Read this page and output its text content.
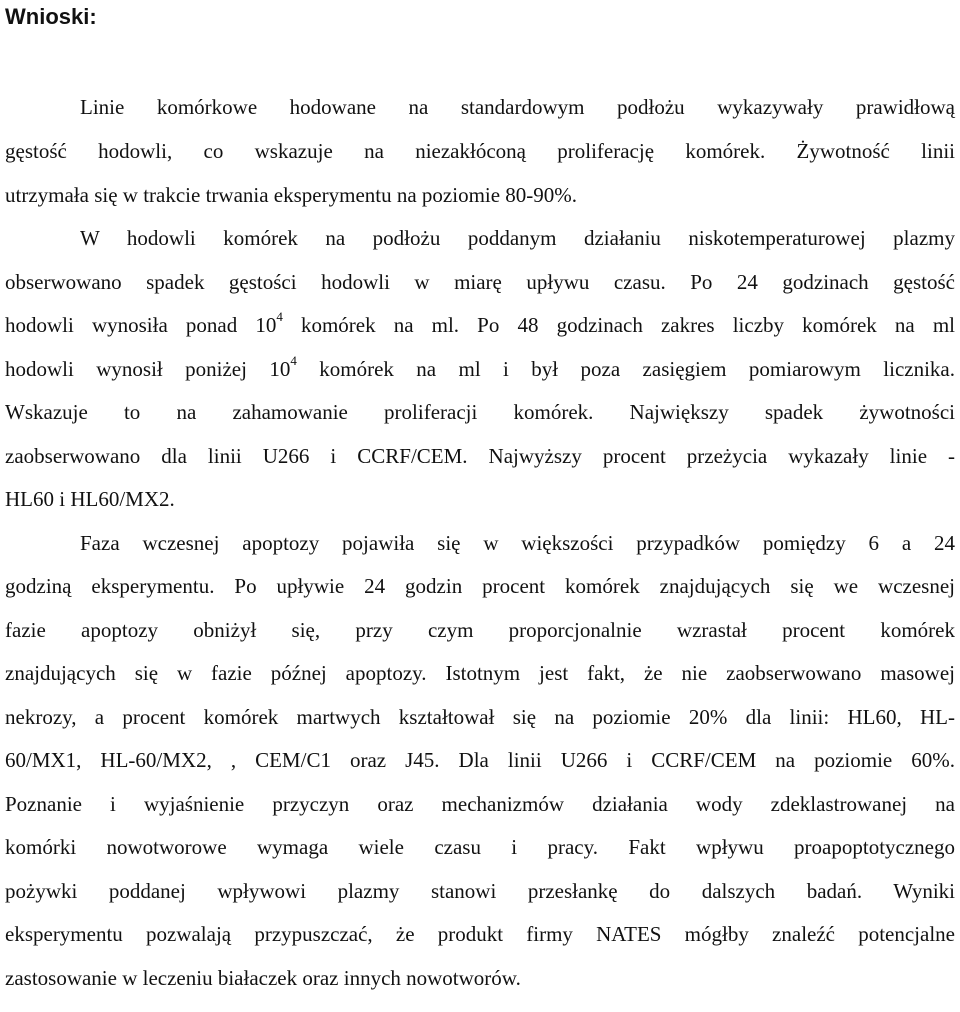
Wnioski:
Linie komórkowe hodowane na standardowym podłożu wykazywały prawidłową
gęstość hodowli, co wskazuje na niezakłóconą proliferację komórek. Żywotność linii
utrzymała się w trakcie trwania eksperymentu na poziomie 80-90%.
W hodowli komórek na podłożu poddanym działaniu niskotemperaturowej plazmy
obserwowano spadek gęstości hodowli w miarę upływu czasu. Po 24 godzinach gęstość
hodowli wynosiła ponad $10^4$ komórek na ml. Po 48 godzinach zakres liczby komórek na ml
hodowli wynosił poniżej $10^4$ komórek na ml i był poza zasięgiem pomiarowym licznika.
Wskazuje to na zahamowanie proliferacji komórek. Największy spadek żywotności
zaobserwowano dla linii U266 i CCRF/CEM. Najwyższy procent przeżycia wykazały linie -
HL60 i HL60/MX2.
Faza wczesnej apoptozy pojawiła się w większości przypadków pomiędzy 6 a 24
godziną eksperymentu. Po upływie 24 godzin procent komórek znajdujących się we wczesnej
fazie apoptozy obniżył się, przy czym proporcjonalnie wzrastał procent komórek
znajdujących się w fazie późnej apoptozy. Istotnym jest fakt, że nie zaobserwowano masowej
nekrozy, a procent komórek martwych kształtował się na poziomie 20% dla linii: HL60, HL-
60/MX1, HL-60/MX2, , CEM/C1 oraz J45. Dla linii U266 i CCRF/CEM na poziomie 60%.
Poznanie i wyjaśnienie przyczyn oraz mechanizmów działania wody zdeklastrowanej na
komórki nowotworowe wymaga wiele czasu i pracy. Fakt wpływu proapoptotycznego
pożywki poddanej wpływowi plazmy stanowi przesłankę do dalszych badań. Wyniki
eksperymentu pozwalają przypuszczać, że produkt firmy NATES mógłby znaleźć potencjalne
zastosowanie w leczeniu białaczek oraz innych nowotworów.
